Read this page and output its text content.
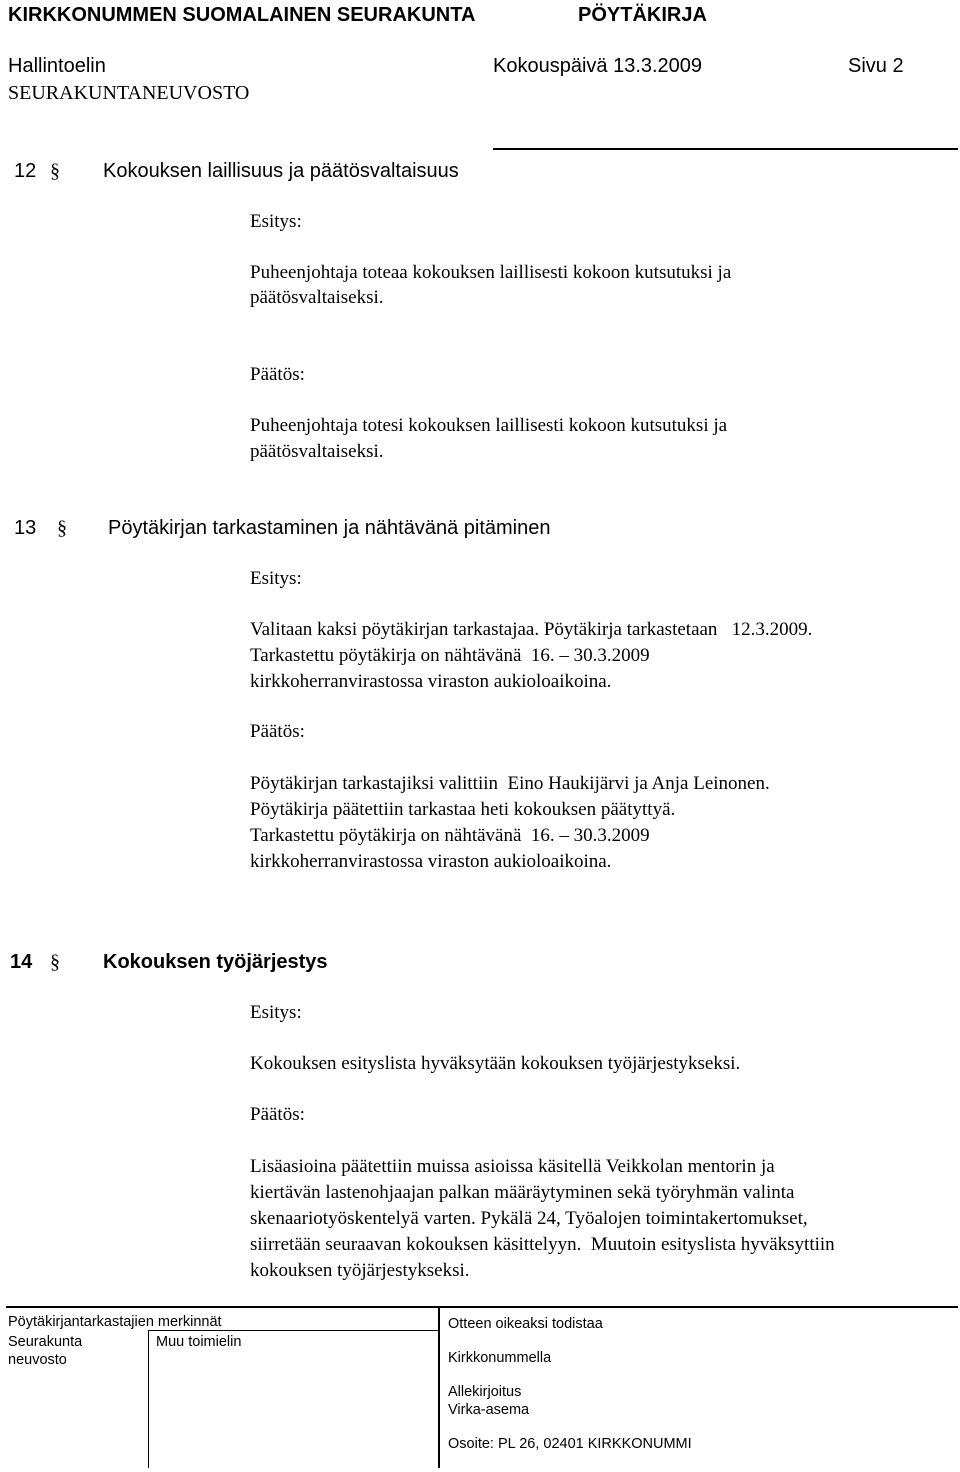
KIRKKONUMMEN SUOMALAINEN SEURAKUNTA	PÖYTÄKIRJA
Hallintoelin	Kokouspäivä 13.3.2009	Sivu 2
SEURAKUNTANEUVOSTO
12 § Kokouksen laillisuus ja päätösvaltaisuus
Esitys:
Puheenjohtaja toteaa kokouksen laillisesti kokoon kutsutuksi ja
päätösvaltaiseksi.
Päätös:
Puheenjohtaja totesi kokouksen laillisesti kokoon kutsutuksi ja
päätösvaltaiseksi.
13 § Pöytäkirjan tarkastaminen ja nähtävänä pitäminen
Esitys:
Valitaan kaksi pöytäkirjan tarkastajaa. Pöytäkirja tarkastetaan   12.3.2009.
Tarkastettu pöytäkirja on nähtävänä  16. – 30.3.2009
kirkkoherranvirastossa viraston aukioloaikoina.
Päätös:
Pöytäkirjan tarkastajiksi valittiin  Eino Haukijärvi ja Anja Leinonen.
Pöytäkirja päätettiin tarkastaa heti kokouksen päätyttyä.
Tarkastettu pöytäkirja on nähtävänä  16. – 30.3.2009
kirkkoherranvirastossa viraston aukioloaikoina.
14 § Kokouksen työjärjestys
Esitys:
Kokouksen esityslista hyväksytään kokouksen työjärjestykseksi.
Päätös:
Lisäasioina päätettiin muissa asioissa käsitellä Veikkolan mentorin ja
kiertävän lastenohjaajan palkan määräytyminen sekä työryhmän valinta
skenaariotyöskentelyä varten. Pykälä 24, Työalojen toimintakertomukset,
siirretään seuraavan kokouksen käsittelyyn.  Muutoin esityslista hyväksyttiin
kokouksen työjärjestykseksi.
Pöytäkirjantarkastajien merkinnät
Seurakunta
neuvosto
Muu toimielin
Otteen oikeaksi todistaa
Kirkkonummella
Allekirjoitus
Virka-asema
Osoite: PL 26, 02401 KIRKKONUMMI
